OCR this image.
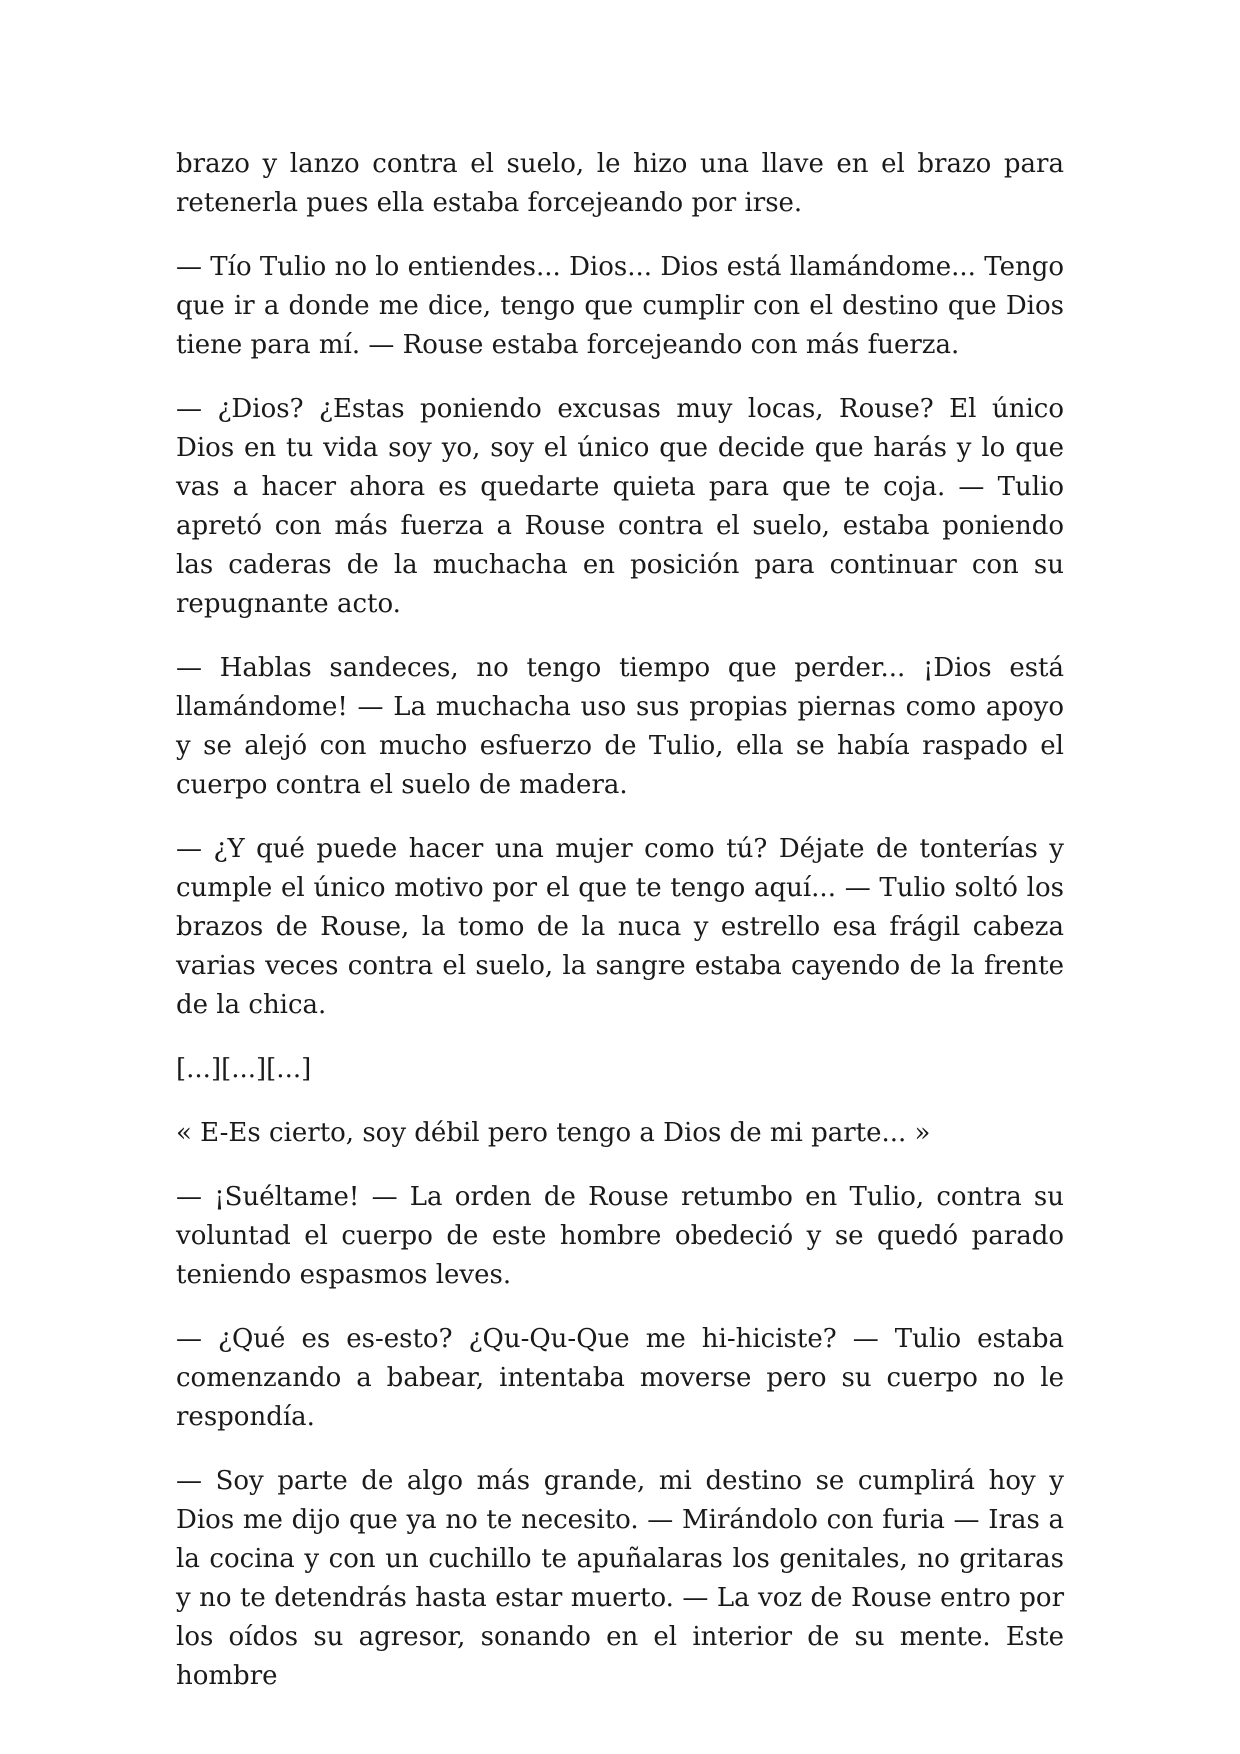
brazo y lanzo contra el suelo, le hizo una llave en el brazo para retenerla pues ella estaba forcejeando por irse.

— Tío Tulio no lo entiendes... Dios... Dios está llamándome... Tengo que ir a donde me dice, tengo que cumplir con el destino que Dios tiene para mí. — Rouse estaba forcejeando con más fuerza.

— ¿Dios? ¿Estas poniendo excusas muy locas, Rouse? El único Dios en tu vida soy yo, soy el único que decide que harás y lo que vas a hacer ahora es quedarte quieta para que te coja. — Tulio apretó con más fuerza a Rouse contra el suelo, estaba poniendo las caderas de la muchacha en posición para continuar con su repugnante acto.

— Hablas sandeces, no tengo tiempo que perder... ¡Dios está llamándome! — La muchacha uso sus propias piernas como apoyo y se alejó con mucho esfuerzo de Tulio, ella se había raspado el cuerpo contra el suelo de madera.

— ¿Y qué puede hacer una mujer como tú? Déjate de tonterías y cumple el único motivo por el que te tengo aquí... — Tulio soltó los brazos de Rouse, la tomo de la nuca y estrello esa frágil cabeza varias veces contra el suelo, la sangre estaba cayendo de la frente de la chica.

[...][...][...]

« E-Es cierto, soy débil pero tengo a Dios de mi parte... »

— ¡Suéltame! — La orden de Rouse retumbo en Tulio, contra su voluntad el cuerpo de este hombre obedeció y se quedó parado teniendo espasmos leves.

— ¿Qué es es-esto? ¿Qu-Qu-Que me hi-hiciste? — Tulio estaba comenzando a babear, intentaba moverse pero su cuerpo no le respondía.

— Soy parte de algo más grande, mi destino se cumplirá hoy y Dios me dijo que ya no te necesito. — Mirándolo con furia — Iras a la cocina y con un cuchillo te apuñalaras los genitales, no gritaras y no te detendrás hasta estar muerto. — La voz de Rouse entro por los oídos su agresor, sonando en el interior de su mente. Este hombre
